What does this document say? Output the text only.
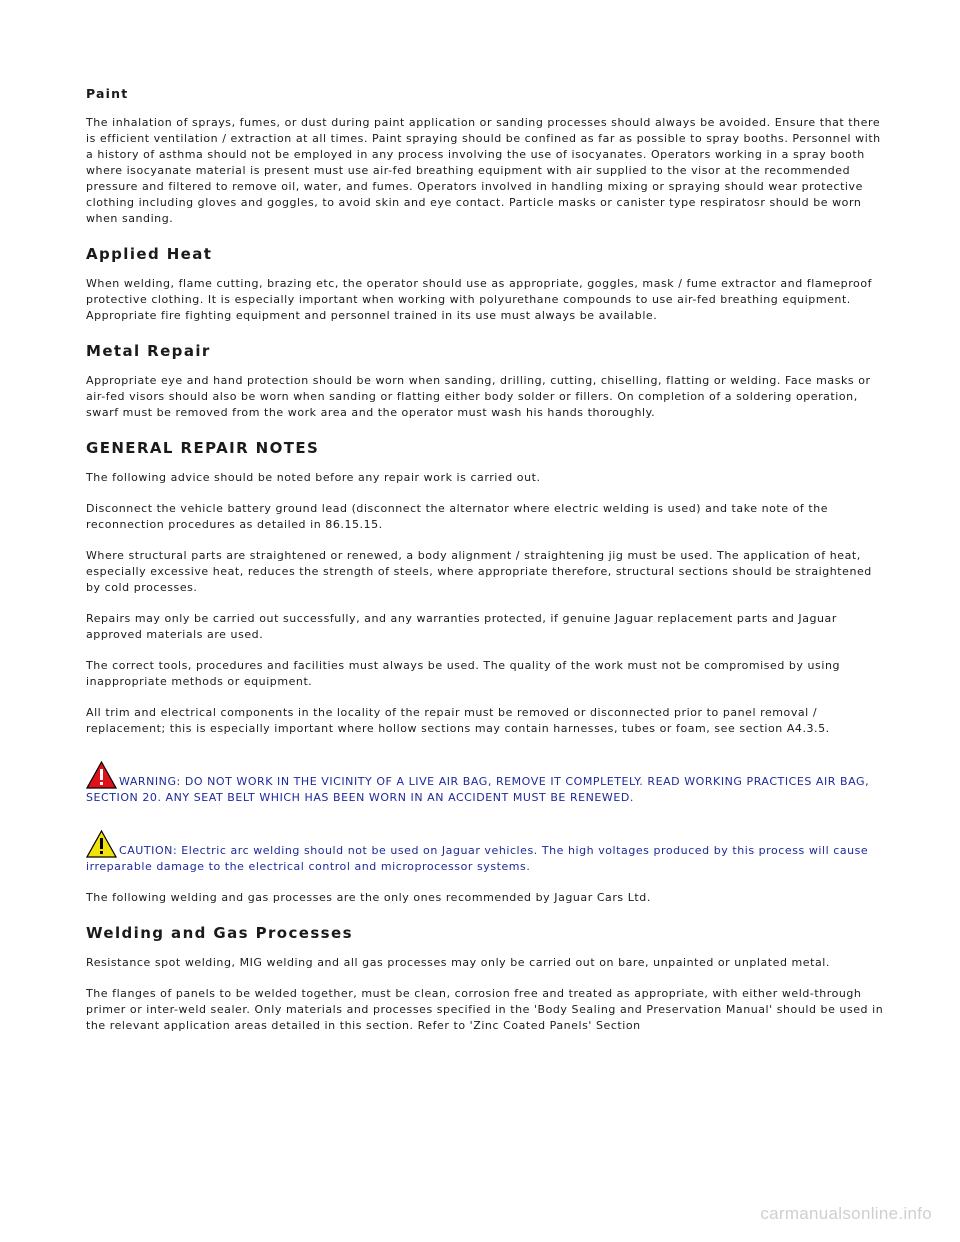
Paint

The inhalation of sprays, fumes, or dust during paint application or sanding processes should always be avoided. Ensure that there is efficient ventilation / extraction at all times. Paint spraying should be confined as far as possible to spray booths. Personnel with a history of asthma should not be employed in any process involving the use of isocyanates. Operators working in a spray booth where isocyanate material is present must use air-fed breathing equipment with air supplied to the visor at the recommended pressure and filtered to remove oil, water, and fumes. Operators involved in handling mixing or spraying should wear protective clothing including gloves and goggles, to avoid skin and eye contact. Particle masks or canister type respiratosr should be worn when sanding.

Applied Heat

When welding, flame cutting, brazing etc, the operator should use as appropriate, goggles, mask / fume extractor and flameproof protective clothing. It is especially important when working with polyurethane compounds to use air-fed breathing equipment. Appropriate fire fighting equipment and personnel trained in its use must always be available.

Metal Repair

Appropriate eye and hand protection should be worn when sanding, drilling, cutting, chiselling, flatting or welding. Face masks or air-fed visors should also be worn when sanding or flatting either body solder or fillers. On completion of a soldering operation, swarf must be removed from the work area and the operator must wash his hands thoroughly.

GENERAL REPAIR NOTES

The following advice should be noted before any repair work is carried out.

Disconnect the vehicle battery ground lead (disconnect the alternator where electric welding is used) and take note of the reconnection procedures as detailed in 86.15.15.

Where structural parts are straightened or renewed, a body alignment / straightening jig must be used. The application of heat, especially excessive heat, reduces the strength of steels, where appropriate therefore, structural sections should be straightened by cold processes.

Repairs may only be carried out successfully, and any warranties protected, if genuine Jaguar replacement parts and Jaguar approved materials are used.

The correct tools, procedures and facilities must always be used. The quality of the work must not be compromised by using inappropriate methods or equipment.

All trim and electrical components in the locality of the repair must be removed or disconnected prior to panel removal / replacement; this is especially important where hollow sections may contain harnesses, tubes or foam, see section A4.3.5.

WARNING: DO NOT WORK IN THE VICINITY OF A LIVE AIR BAG, REMOVE IT COMPLETELY. READ WORKING PRACTICES AIR BAG, SECTION 20. ANY SEAT BELT WHICH HAS BEEN WORN IN AN ACCIDENT MUST BE RENEWED.

CAUTION: Electric arc welding should not be used on Jaguar vehicles. The high voltages produced by this process will cause irreparable damage to the electrical control and microprocessor systems.

The following welding and gas processes are the only ones recommended by Jaguar Cars Ltd.

Welding and Gas Processes

Resistance spot welding, MIG welding and all gas processes may only be carried out on bare, unpainted or unplated metal.

The flanges of panels to be welded together, must be clean, corrosion free and treated as appropriate, with either weld-through primer or inter-weld sealer. Only materials and processes specified in the 'Body Sealing and Preservation Manual' should be used in the relevant application areas detailed in this section. Refer to 'Zinc Coated Panels' Section

carmanualsonline.info
